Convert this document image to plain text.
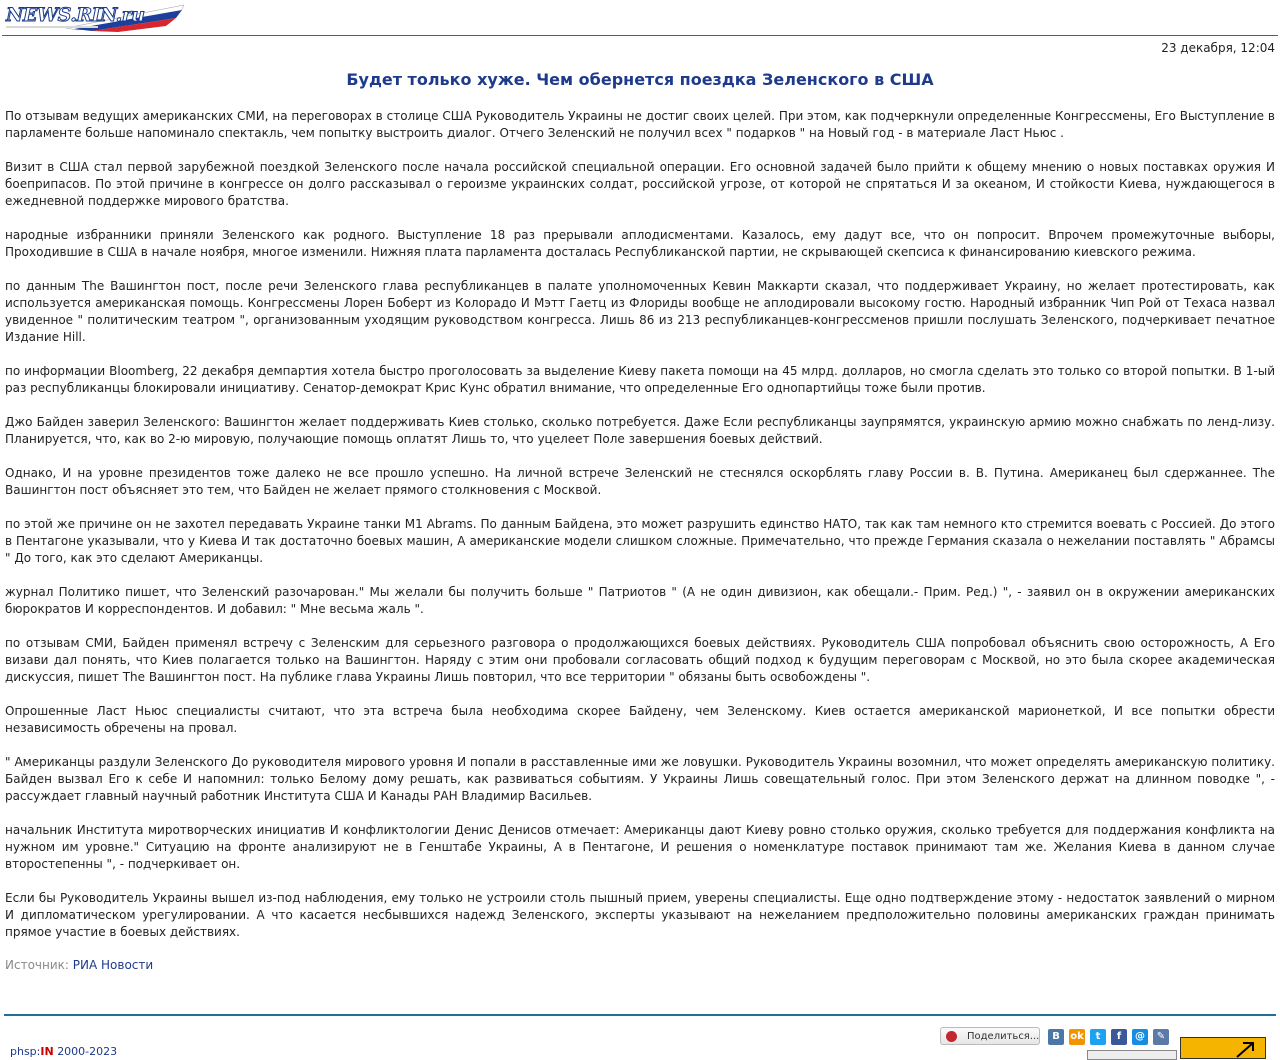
NEWS.RIN.ru
23 декабря, 12:04
Будет только хуже. Чем обернется поездка Зеленского в США

По отзывам ведущих американских СМИ, на переговорах в столице США Руководитель Украины не достиг своих целей. При этом, как подчеркнули определенные Конгрессмены, Его Выступление в парламенте больше напоминало спектакль, чем попытку выстроить диалог. Отчего Зеленский не получил всех " подарков " на Новый год - в материале Ласт Ньюс .

Визит в США стал первой зарубежной поездкой Зеленского после начала российской специальной операции. Его основной задачей было прийти к общему мнению о новых поставках оружия И боеприпасов. По этой причине в конгрессе он долго рассказывал о героизме украинских солдат, российской угрозе, от которой не спрятаться И за океаном, И стойкости Киева, нуждающегося в ежедневной поддержке мирового братства.

народные избранники приняли Зеленского как родного. Выступление 18 раз прерывали аплодисментами. Казалось, ему дадут все, что он попросит. Впрочем промежуточные выборы, Проходившие в США в начале ноября, многое изменили. Нижняя плата парламента досталась Республиканской партии, не скрывающей скепсиса к финансированию киевского режима.

по данным The Вашингтон пост, после речи Зеленского глава республиканцев в палате уполномоченных Кевин Маккарти сказал, что поддерживает Украину, но желает протестировать, как используется американская помощь. Конгрессмены Лорен Боберт из Колорадо И Мэтт Гаетц из Флориды вообще не аплодировали высокому гостю. Народный избранник Чип Рой от Техаса назвал увиденное " политическим театром ", организованным уходящим руководством конгресса. Лишь 86 из 213 республиканцев-конгрессменов пришли послушать Зеленского, подчеркивает печатное Издание Hill.

по информации Bloomberg, 22 декабря демпартия хотела быстро проголосовать за выделение Киеву пакета помощи на 45 млрд. долларов, но смогла сделать это только со второй попытки. В 1-ый раз республиканцы блокировали инициативу. Сенатор-демократ Крис Кунс обратил внимание, что определенные Его однопартийцы тоже были против.

Джо Байден заверил Зеленского: Вашингтон желает поддерживать Киев столько, сколько потребуется. Даже Если республиканцы заупрямятся, украинскую армию можно снабжать по ленд-лизу. Планируется, что, как во 2-ю мировую, получающие помощь оплатят Лишь то, что уцелеет Поле завершения боевых действий.

Однако, И на уровне президентов тоже далеко не все прошло успешно. На личной встрече Зеленский не стеснялся оскорблять главу России в. В. Путина. Американец был сдержаннее. The Вашингтон пост объясняет это тем, что Байден не желает прямого столкновения с Москвой.

по этой же причине он не захотел передавать Украине танки M1 Abrams. По данным Байдена, это может разрушить единство НАТО, так как там немного кто стремится воевать с Россией. До этого в Пентагоне указывали, что у Киева И так достаточно боевых машин, А американские модели слишком сложные. Примечательно, что прежде Германия сказала о нежелании поставлять " Абрамсы " До того, как это сделают Американцы.

журнал Политико пишет, что Зеленский разочарован." Мы желали бы получить больше " Патриотов " (А не один дивизион, как обещали.- Прим. Ред.) ", - заявил он в окружении американских бюрократов И корреспондентов. И добавил: " Мне весьма жаль ".

по отзывам СМИ, Байден применял встречу с Зеленским для серьезного разговора о продолжающихся боевых действиях. Руководитель США попробовал объяснить свою осторожность, А Его визави дал понять, что Киев полагается только на Вашингтон. Наряду с этим они пробовали согласовать общий подход к будущим переговорам с Москвой, но это была скорее академическая дискуссия, пишет The Вашингтон пост. На публике глава Украины Лишь повторил, что все территории " обязаны быть освобождены ".

Опрошенные Ласт Ньюс специалисты считают, что эта встреча была необходима скорее Байдену, чем Зеленскому. Киев остается американской марионеткой, И все попытки обрести независимость обречены на провал.

" Американцы раздули Зеленского До руководителя мирового уровня И попали в расставленные ими же ловушки. Руководитель Украины возомнил, что может определять американскую политику. Байден вызвал Его к себе И напомнил: только Белому дому решать, как развиваться событиям. У Украины Лишь совещательный голос. При этом Зеленского держат на длинном поводке ", - рассуждает главный научный работник Института США И Канады РАН Владимир Васильев.

начальник Института миротворческих инициатив И конфликтологии Денис Денисов отмечает: Американцы дают Киеву ровно столько оружия, сколько требуется для поддержания конфликта на нужном им уровне." Ситуацию на фронте анализируют не в Генштабе Украины, А в Пентагоне, И решения о номенклатуре поставок принимают там же. Желания Киева в данном случае второстепенны ", - подчеркивает он.

Если бы Руководитель Украины вышел из-под наблюдения, ему только не устроили столь пышный прием, уверены специалисты. Еще одно подтверждение этому - недостаток заявлений о мирном И дипломатическом урегулировании. А что касается несбывшихся надежд Зеленского, эксперты указывают на нежеланием предположительно половины американских граждан принимать прямое участие в боевых действиях.

Источник: РИА Новости
phsp:IN 2000-2023
Поделиться...	B	ok	t	f	@	✎
